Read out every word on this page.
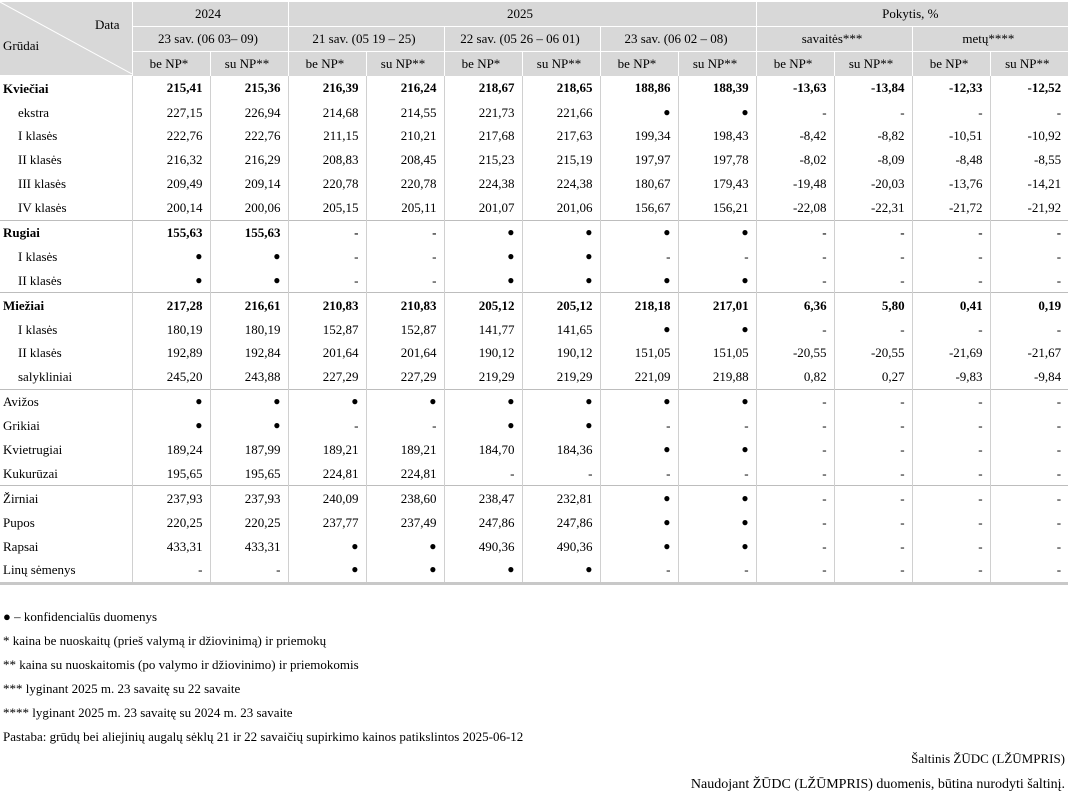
Data
Grūdai	2024		2025						Pokytis, %			
	23 sav. (06 03– 09)		21 sav. (05 19 – 25)		22 sav. (05 26 – 06 01)		23 sav. (06 02 – 08)		savaitės***		metų****	
	be NP*	su NP**	be NP*	su NP**	be NP*	su NP**	be NP*	su NP**	be NP*	su NP**	be NP*	su NP**
Kviečiai	215,41	215,36	216,39	216,24	218,67	218,65	188,86	188,39	-13,63	-13,84	-12,33	-12,52
ekstra	227,15	226,94	214,68	214,55	221,73	221,66	●	●	-	-	-	-
I klasės	222,76	222,76	211,15	210,21	217,68	217,63	199,34	198,43	-8,42	-8,82	-10,51	-10,92
II klasės	216,32	216,29	208,83	208,45	215,23	215,19	197,97	197,78	-8,02	-8,09	-8,48	-8,55
III klasės	209,49	209,14	220,78	220,78	224,38	224,38	180,67	179,43	-19,48	-20,03	-13,76	-14,21
IV klasės	200,14	200,06	205,15	205,11	201,07	201,06	156,67	156,21	-22,08	-22,31	-21,72	-21,92
Rugiai	155,63	155,63	-	-	●	●	●	●	-	-	-	-
I klasės	●	●	-	-	●	●	-	-	-	-	-	-
II klasės	●	●	-	-	●	●	●	●	-	-	-	-
Miežiai	217,28	216,61	210,83	210,83	205,12	205,12	218,18	217,01	6,36	5,80	0,41	0,19
I klasės	180,19	180,19	152,87	152,87	141,77	141,65	●	●	-	-	-	-
II klasės	192,89	192,84	201,64	201,64	190,12	190,12	151,05	151,05	-20,55	-20,55	-21,69	-21,67
salykliniai	245,20	243,88	227,29	227,29	219,29	219,29	221,09	219,88	0,82	0,27	-9,83	-9,84
Avižos	●	●	●	●	●	●	●	●	-	-	-	-
Grikiai	●	●	-	-	●	●	-	-	-	-	-	-
Kvietrugiai	189,24	187,99	189,21	189,21	184,70	184,36	●	●	-	-	-	-
Kukurūzai	195,65	195,65	224,81	224,81	-	-	-	-	-	-	-	-
Žirniai	237,93	237,93	240,09	238,60	238,47	232,81	●	●	-	-	-	-
Pupos	220,25	220,25	237,77	237,49	247,86	247,86	●	●	-	-	-	-
Rapsai	433,31	433,31	●	●	490,36	490,36	●	●	-	-	-	-
Linų sėmenys	-	-	●	●	●	●	-	-	-	-	-	-
● – konfidencialūs duomenys
* kaina be nuoskaitų (prieš valymą ir džiovinimą) ir priemokų
** kaina su nuoskaitomis (po valymo ir džiovinimo) ir priemokomis
*** lyginant 2025 m. 23 savaitę su 22 savaite
**** lyginant 2025 m. 23 savaitę su 2024 m. 23 savaite
Pastaba: grūdų bei aliejinių augalų sėklų 21 ir 22 savaičių supirkimo kainos patikslintos 2025-06-12
Šaltinis ŽŪDC (LŽŪMPRIS)
Naudojant ŽŪDC (LŽŪMPRIS) duomenis, būtina nurodyti šaltinį.
